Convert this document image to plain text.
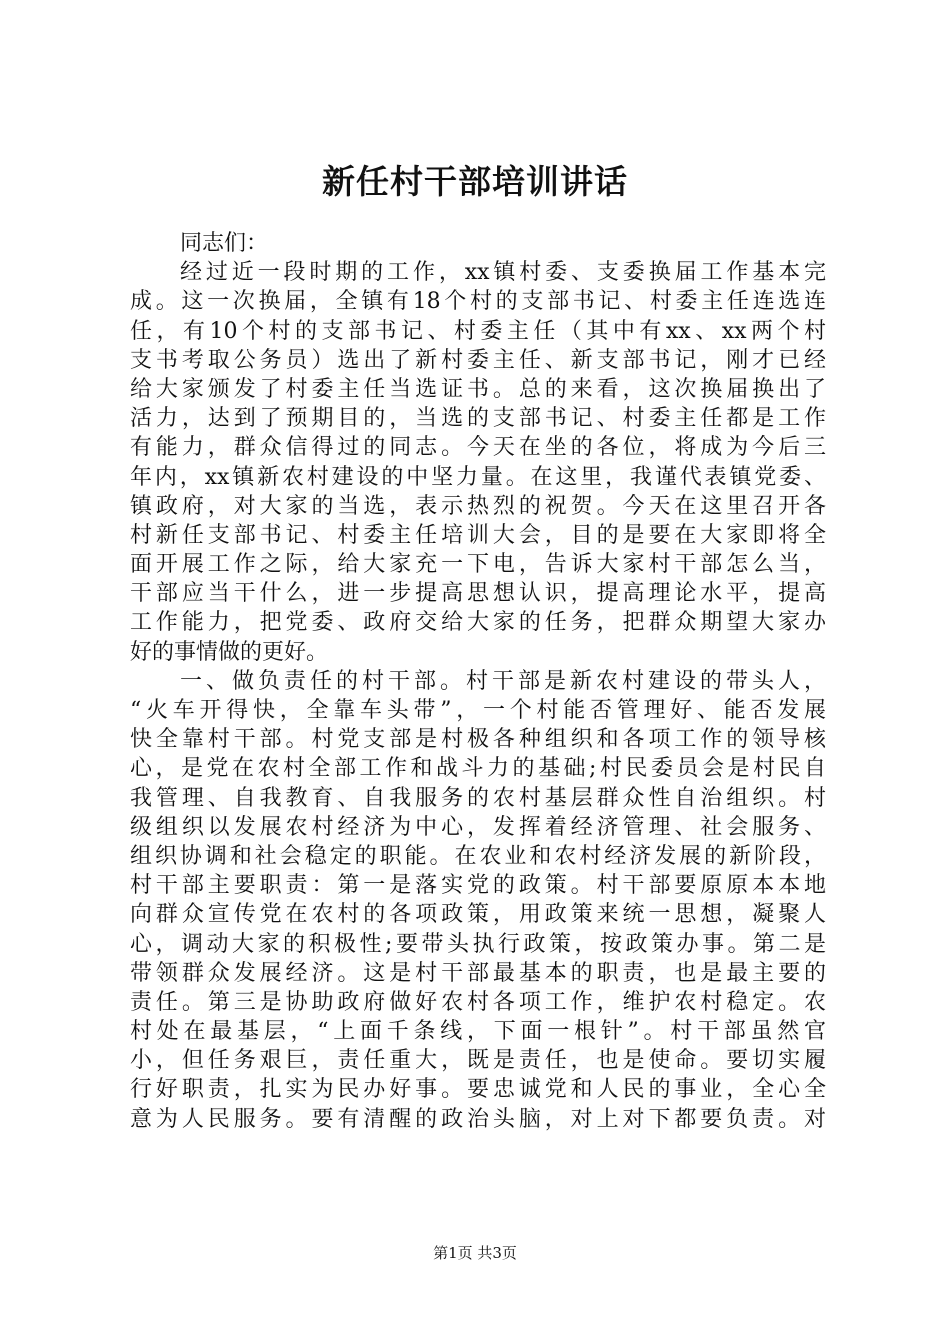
新任村干部培训讲话
同志们：
经过近一段时期的工作，xx镇村委、支委换届工作基本完
成。这一次换届，全镇有18个村的支部书记、村委主任连选连
任，有10个村的支部书记、村委主任（其中有xx、xx两个村
支书考取公务员）选出了新村委主任、新支部书记，刚才已经
给大家颁发了村委主任当选证书。总的来看，这次换届换出了
活力，达到了预期目的，当选的支部书记、村委主任都是工作
有能力，群众信得过的同志。今天在坐的各位，将成为今后三
年内，xx镇新农村建设的中坚力量。在这里，我谨代表镇党委、
镇政府，对大家的当选，表示热烈的祝贺。今天在这里召开各
村新任支部书记、村委主任培训大会，目的是要在大家即将全
面开展工作之际，给大家充一下电，告诉大家村干部怎么当，
干部应当干什么，进一步提高思想认识，提高理论水平，提高
工作能力，把党委、政府交给大家的任务，把群众期望大家办
好的事情做的更好。
一、做负责任的村干部。村干部是新农村建设的带头人，
“火车开得快，全靠车头带”，一个村能否管理好、能否发展
快全靠村干部。村党支部是村极各种组织和各项工作的领导核
心，是党在农村全部工作和战斗力的基础;村民委员会是村民自
我管理、自我教育、自我服务的农村基层群众性自治组织。村
级组织以发展农村经济为中心，发挥着经济管理、社会服务、
组织协调和社会稳定的职能。在农业和农村经济发展的新阶段，
村干部主要职责：第一是落实党的政策。村干部要原原本本地
向群众宣传党在农村的各项政策，用政策来统一思想，凝聚人
心，调动大家的积极性;要带头执行政策，按政策办事。第二是
带领群众发展经济。这是村干部最基本的职责，也是最主要的
责任。第三是协助政府做好农村各项工作，维护农村稳定。农
村处在最基层，“上面千条线，下面一根针”。村干部虽然官
小，但任务艰巨，责任重大，既是责任，也是使命。要切实履
行好职责，扎实为民办好事。要忠诚党和人民的事业，全心全
意为人民服务。要有清醒的政治头脑，对上对下都要负责。对
第1页 共3页
